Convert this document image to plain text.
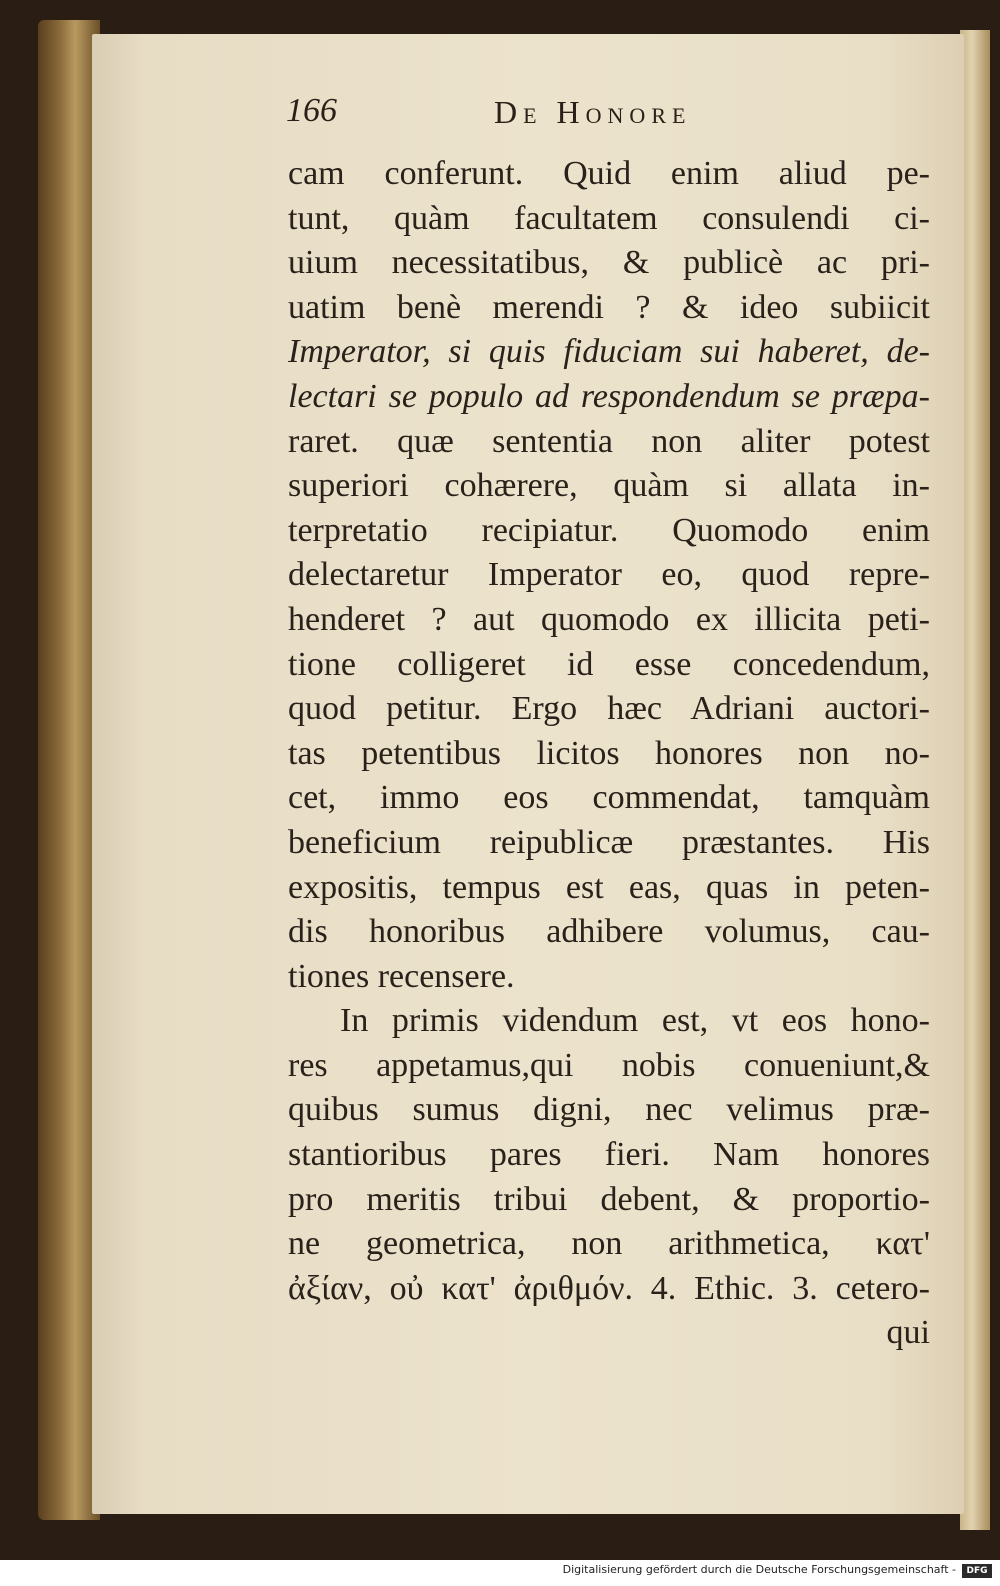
166	De Honore
cam conferunt. Quid enim aliud pe-
tunt, quàm facultatem consulendi ci-
uium necessitatibus, & publicè ac pri-
uatim benè merendi ? & ideo subiicit
Imperator, si quis fiduciam sui haberet, de-
lectari se populo ad respondendum se præpa-
raret. quæ sententia non aliter potest
superiori cohærere, quàm si allata in-
terpretatio recipiatur. Quomodo enim
delectaretur Imperator eo, quod repre-
henderet ? aut quomodo ex illicita peti-
tione colligeret id esse concedendum,
quod petitur. Ergo hæc Adriani auctori-
tas petentibus licitos honores non no-
cet, immo eos commendat, tamquàm
beneficium reipublicæ præstantes. His
expositis, tempus est eas, quas in peten-
dis honoribus adhibere volumus, cau-
tiones recensere.
In primis videndum est, vt eos hono-
res appetamus,qui nobis conueniunt,&
quibus sumus digni, nec velimus præ-
stantioribus pares fieri. Nam honores
pro meritis tribui debent, & proportio-
ne geometrica, non arithmetica, κατ'
ἀξίαν, οὐ κατ' ἀριθμόν. 4. Ethic. 3. cetero-
qui
Digitalisierung gefördert durch die Deutsche Forschungsgemeinschaft -	DFG
